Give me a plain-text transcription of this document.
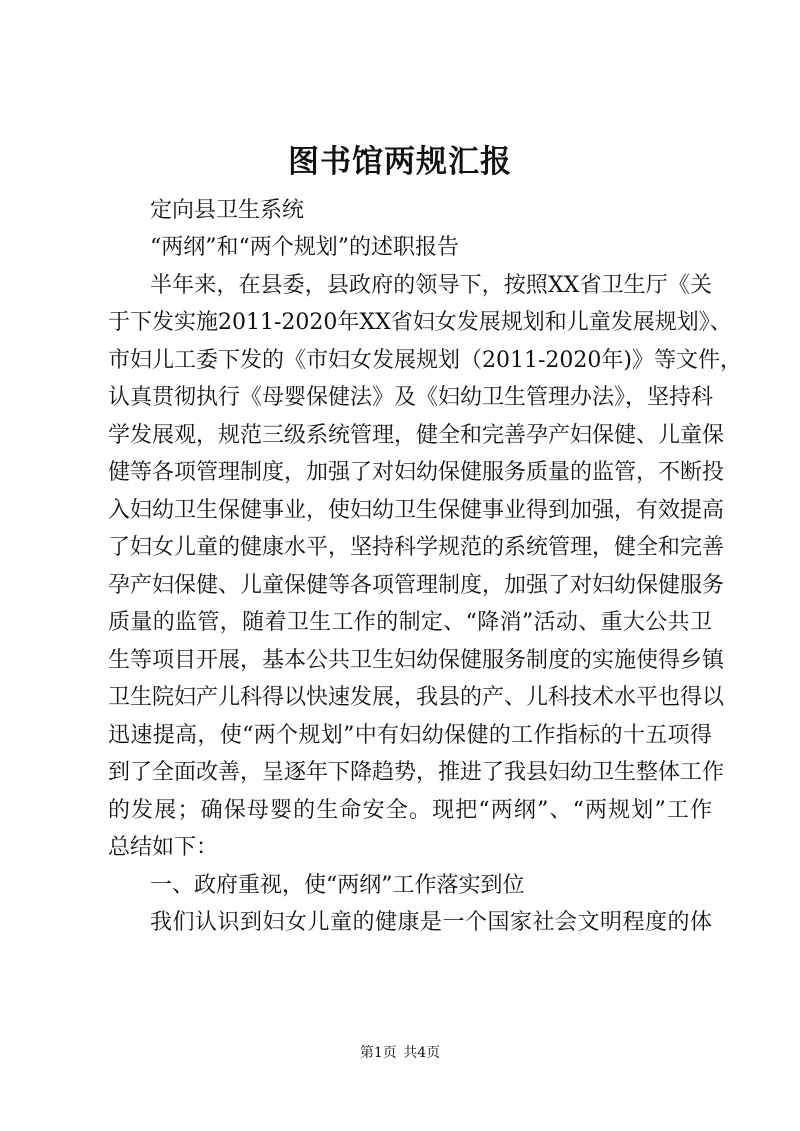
图书馆两规汇报

定向县卫生系统

“两纲”和“两个规划”的述职报告

半年来，在县委，县政府的领导下，按照XX省卫生厅《关

于下发实施2011-2020年XX省妇女发展规划和儿童发展规划》、

市妇儿工委下发的《市妇女发展规划（2011-2020年)》等文件，

认真贯彻执行《母婴保健法》及《妇幼卫生管理办法》，坚持科

学发展观，规范三级系统管理，健全和完善孕产妇保健、儿童保

健等各项管理制度，加强了对妇幼保健服务质量的监管，不断投

入妇幼卫生保健事业，使妇幼卫生保健事业得到加强，有效提高

了妇女儿童的健康水平，坚持科学规范的系统管理，健全和完善

孕产妇保健、儿童保健等各项管理制度，加强了对妇幼保健服务

质量的监管，随着卫生工作的制定、“降消”活动、重大公共卫

生等项目开展，基本公共卫生妇幼保健服务制度的实施使得乡镇

卫生院妇产儿科得以快速发展，我县的产、儿科技术水平也得以

迅速提高，使“两个规划”中有妇幼保健的工作指标的十五项得

到了全面改善，呈逐年下降趋势，推进了我县妇幼卫生整体工作

的发展；确保母婴的生命安全。现把“两纲”、“两规划”工作

总结如下：

一、政府重视，使“两纲”工作落实到位

我们认识到妇女儿童的健康是一个国家社会文明程度的体

第1页 共4页
